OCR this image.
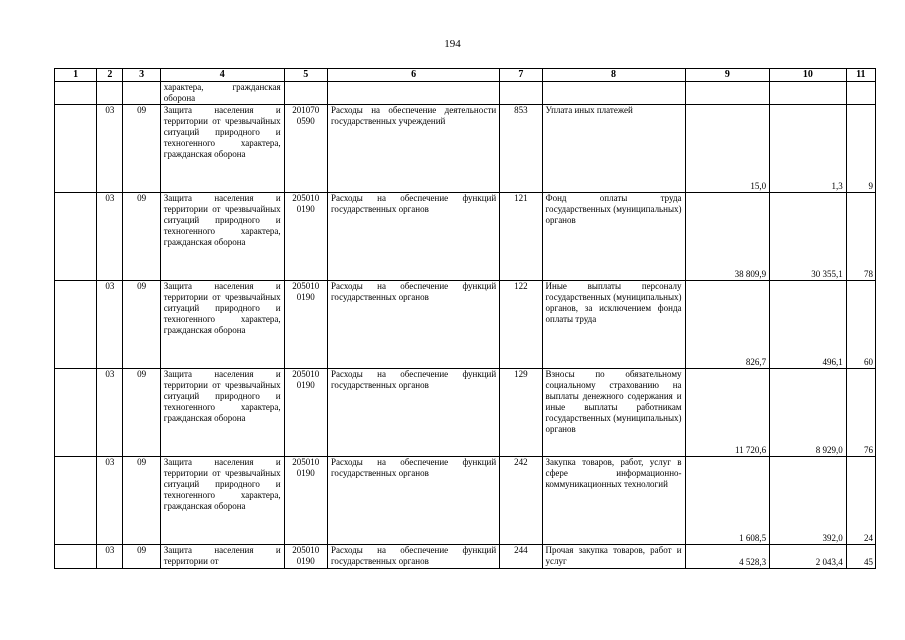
194
1	2	3	4	5	6	7	8	9	10	11
			характера, гражданская оборона							
	03	09	Защита населения и территории от чрезвычайных ситуаций природного и техногенного характера, гражданская оборона	201070 0590	Расходы на обеспечение деятельности государственных учреждений	853	Уплата иных платежей	15,0	1,3	9
	03	09	Защита населения и территории от чрезвычайных ситуаций природного и техногенного характера, гражданская оборона	205010 0190	Расходы на обеспечение функций государственных органов	121	Фонд оплаты труда государственных (муниципальных) органов	38 809,9	30 355,1	78
	03	09	Защита населения и территории от чрезвычайных ситуаций природного и техногенного характера, гражданская оборона	205010 0190	Расходы на обеспечение функций государственных органов	122	Иные выплаты персоналу государственных (муниципальных) органов, за исключением фонда оплаты труда	826,7	496,1	60
	03	09	Защита населения и территории от чрезвычайных ситуаций природного и техногенного характера, гражданская оборона	205010 0190	Расходы на обеспечение функций государственных органов	129	Взносы по обязательному социальному страхованию на выплаты денежного содержания и иные выплаты работникам государственных (муниципальных) органов	11 720,6	8 929,0	76
	03	09	Защита населения и территории от чрезвычайных ситуаций природного и техногенного характера, гражданская оборона	205010 0190	Расходы на обеспечение функций государственных органов	242	Закупка товаров, работ, услуг в сфере информационно-коммуникационных технологий	1 608,5	392,0	24
	03	09	Защита населения и территории от	205010 0190	Расходы на обеспечение функций государственных органов	244	Прочая закупка товаров, работ и услуг	4 528,3	2 043,4	45
